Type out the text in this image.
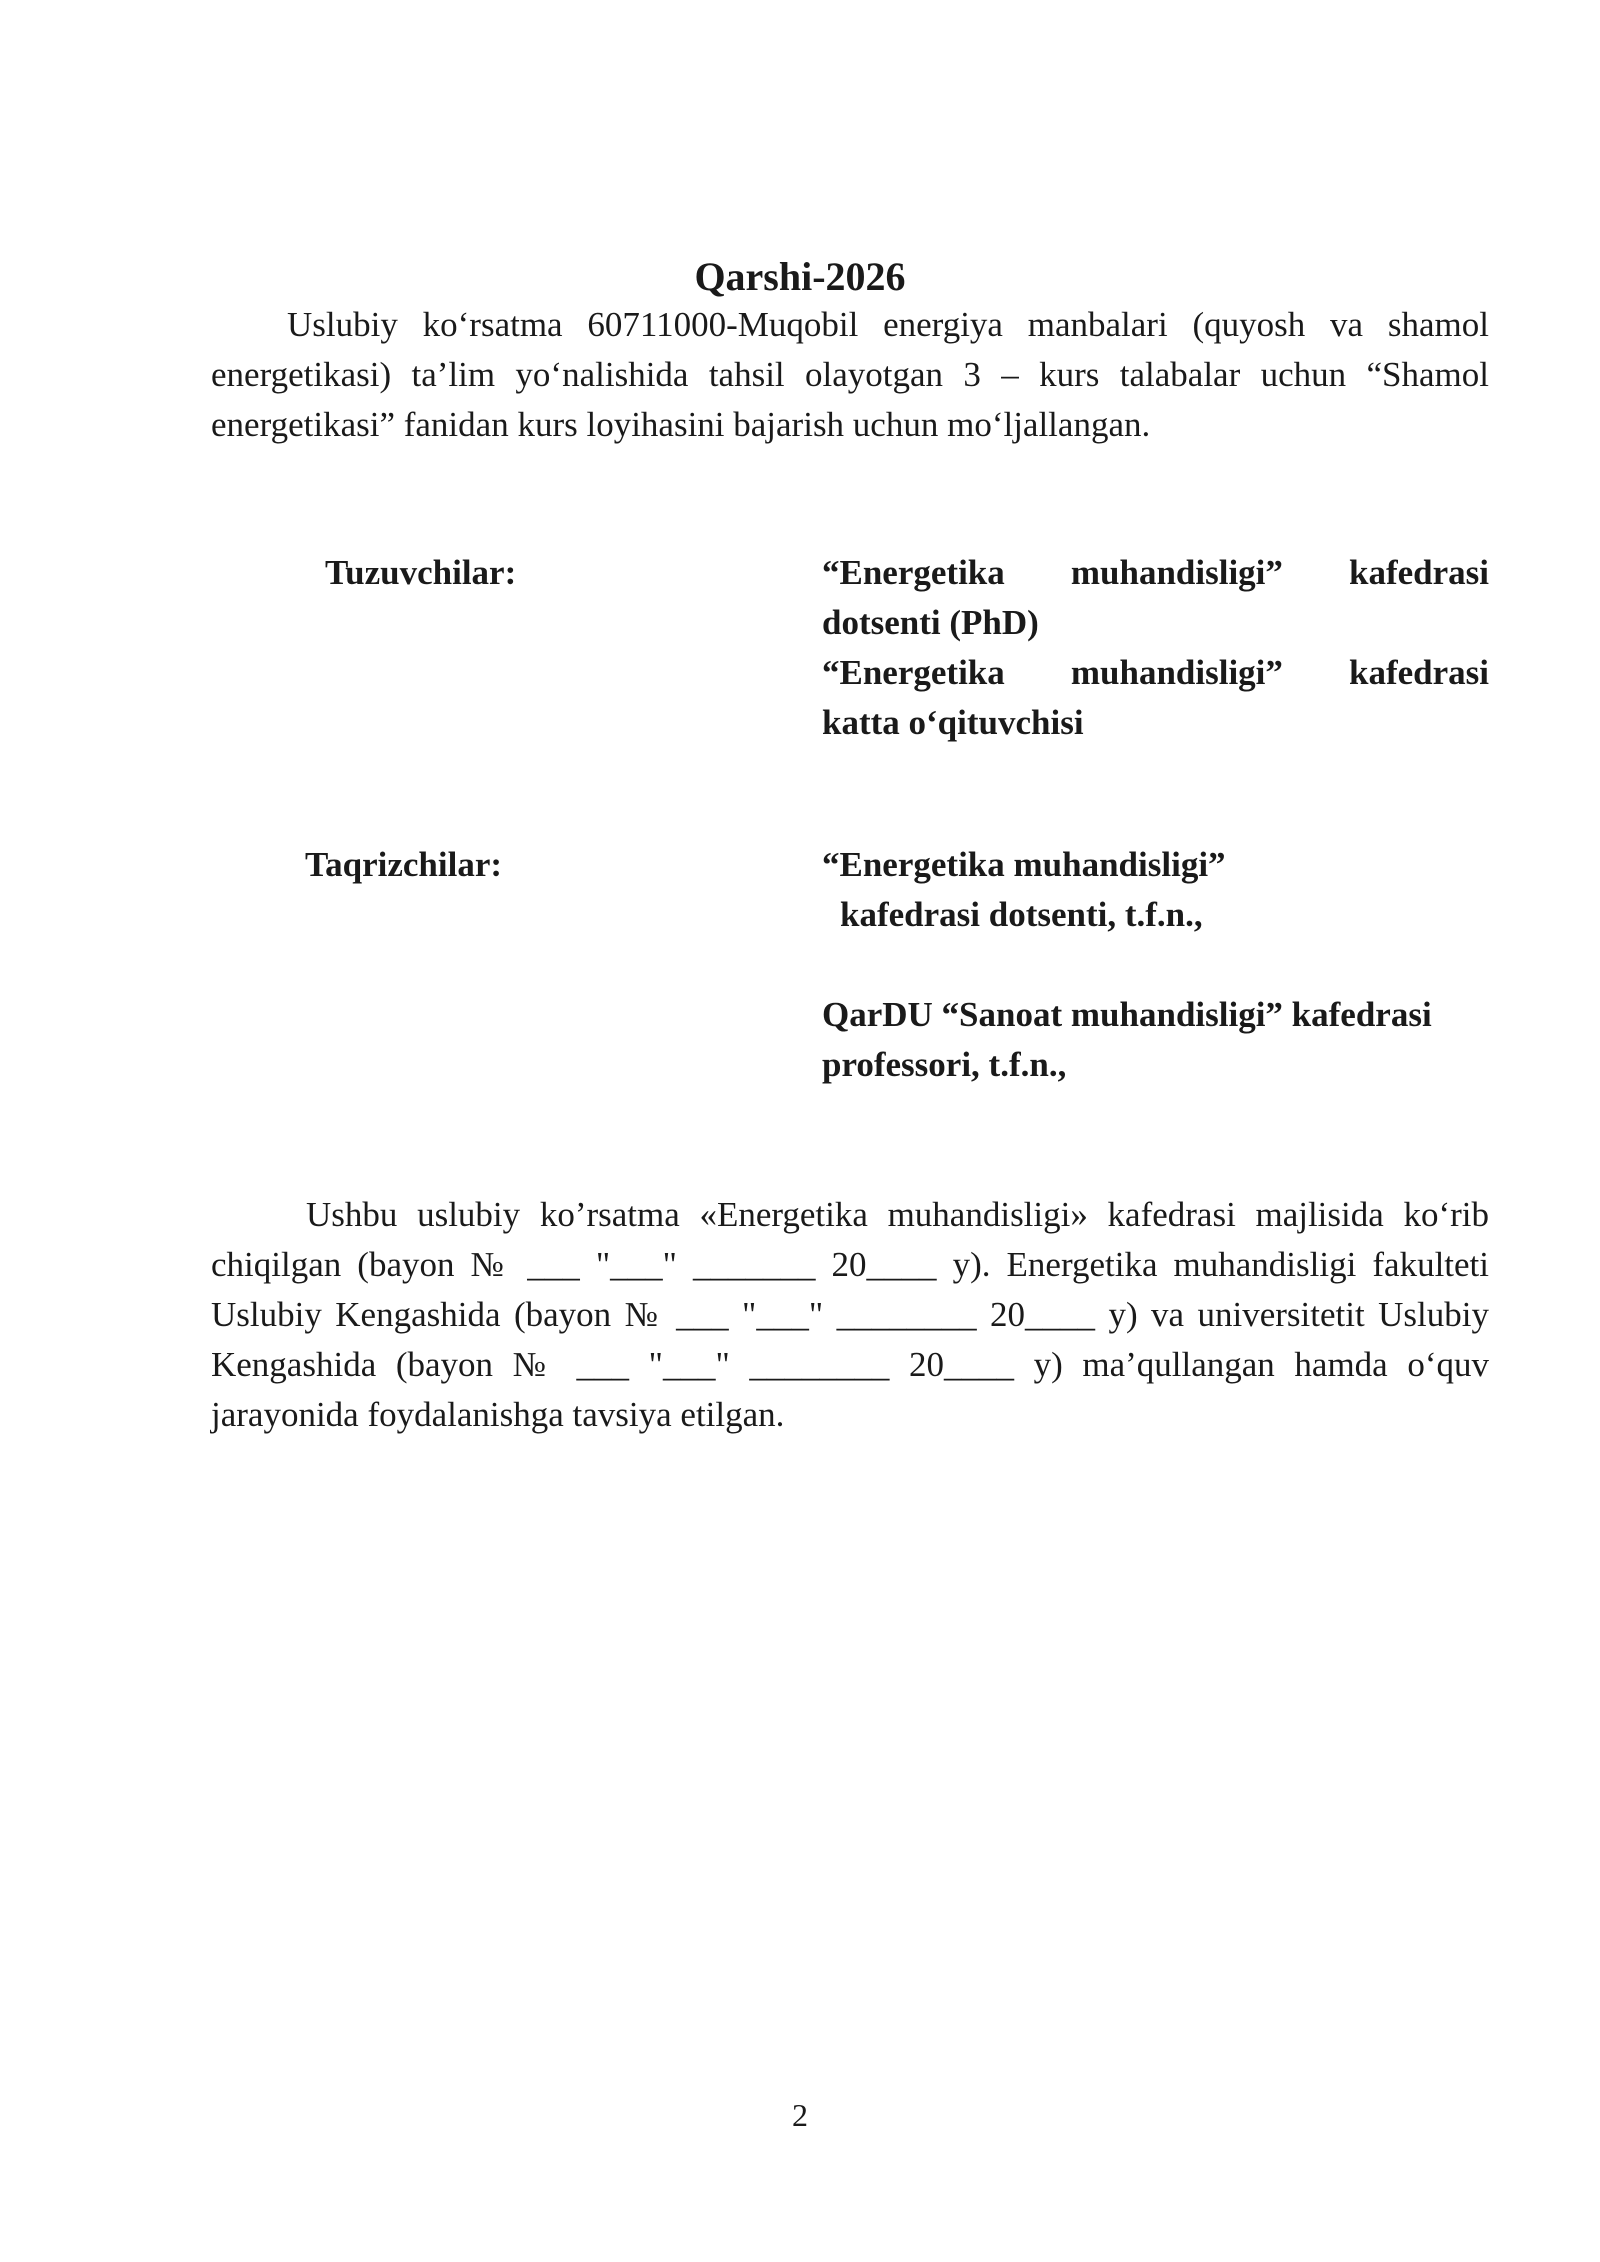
Qarshi-2026

Uslubiy ko‘rsatma 60711000-Muqobil energiya manbalari (quyosh va shamol energetikasi) ta’lim yo‘nalishida tahsil olayotgan 3 – kurs talabalar uchun “Shamol energetikasi” fanidan kurs loyihasini bajarish uchun mo‘ljallangan.

Tuzuvchilar:	“Energetika muhandisligi” kafedrasi
dotsenti (PhD)
“Energetika muhandisligi” kafedrasi
katta o‘qituvchisi
Taqrizchilar:	“Energetika muhandisligi”
kafedrasi dotsenti, t.f.n.,
QarDU “Sanoat muhandisligi” kafedrasi
professori, t.f.n.,

Ushbu uslubiy ko’rsatma «Energetika muhandisligi» kafedrasi majlisida ko‘rib chiqilgan (bayon № ___ "___" _______ 20____ y). Energetika muhandisligi fakulteti Uslubiy Kengashida (bayon № ___ "___" ________ 20____ y) va universitetit Uslubiy Kengashida (bayon № ___ "___" ________ 20____ y) ma’qullangan hamda o‘quv jarayonida foydalanishga tavsiya etilgan.

2
